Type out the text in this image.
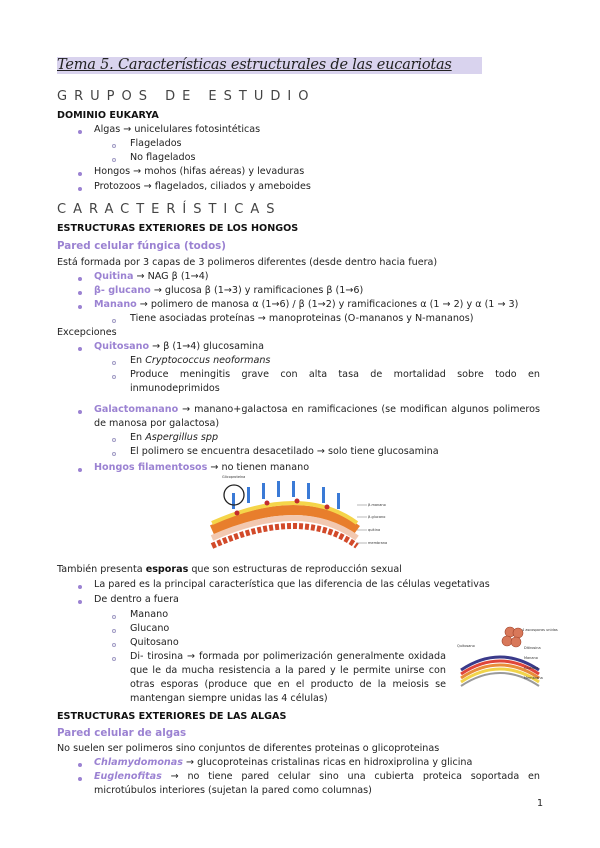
Tema 5. Características estructurales de las eucariotas
GRUPOS DE ESTUDIO
DOMINIO EUKARYA
Algas → unicelulares fotosintéticas
Flagelados
No flagelados
Hongos → mohos (hifas aéreas) y levaduras
Protozoos → flagelados, ciliados y ameboides
CARACTERÍSTICAS
ESTRUCTURAS EXTERIORES DE LOS HONGOS
Pared celular fúngica (todos)
Está formada por 3 capas de 3 polimeros diferentes (desde dentro hacia fuera)
Quitina → NAG β (1→4)
β- glucano → glucosa β (1→3) y ramificaciones β (1→6)
Manano → polimero de manosa α (1→6) / β (1→2) y ramificaciones α (1 → 2) y α (1 → 3)
Tiene asociadas proteínas → manoproteinas (O-mananos y N-mananos)
Excepciones
Quitosano → β (1→4) glucosamina
En Cryptococcus neoformans
Produce meningitis grave con alta tasa de mortalidad sobre todo en inmunodeprimidos
Galactomanano → manano+galactosa en ramificaciones (se modifican algunos polimeros de manosa por galactosa)
En Aspergillus spp
El polimero se encuentra desacetilado → solo tiene glucosamina
Hongos filamentosos → no tienen manano
Glicoproteína
β-manano
β-glucano
quitina
membrana
También presenta esporas que son estructuras de reproducción sexual
La pared es la principal característica que las diferencia de las células vegetativas
De dentro a fuera
Manano
Glucano
Quitosano
Di- tirosina → formada por polimerización generalmente oxidada que le da mucha resistencia a la pared y le permite unirse con otras esporas (produce que en el producto de la meiosis se mantengan siempre unidas las 4 células)
4 ascosporas unidas
Quitosano	Ditirosina
Manano
Glucano
Membrana
ESTRUCTURAS EXTERIORES DE LAS ALGAS
Pared celular de algas
No suelen ser polimeros sino conjuntos de diferentes proteinas o glicoproteinas
Chlamydomonas → glucoproteinas cristalinas ricas en hidroxiprolina y glicina
Euglenofitas → no tiene pared celular sino una cubierta proteica soportada en microtúbulos interiores (sujetan la pared como columnas)
1
